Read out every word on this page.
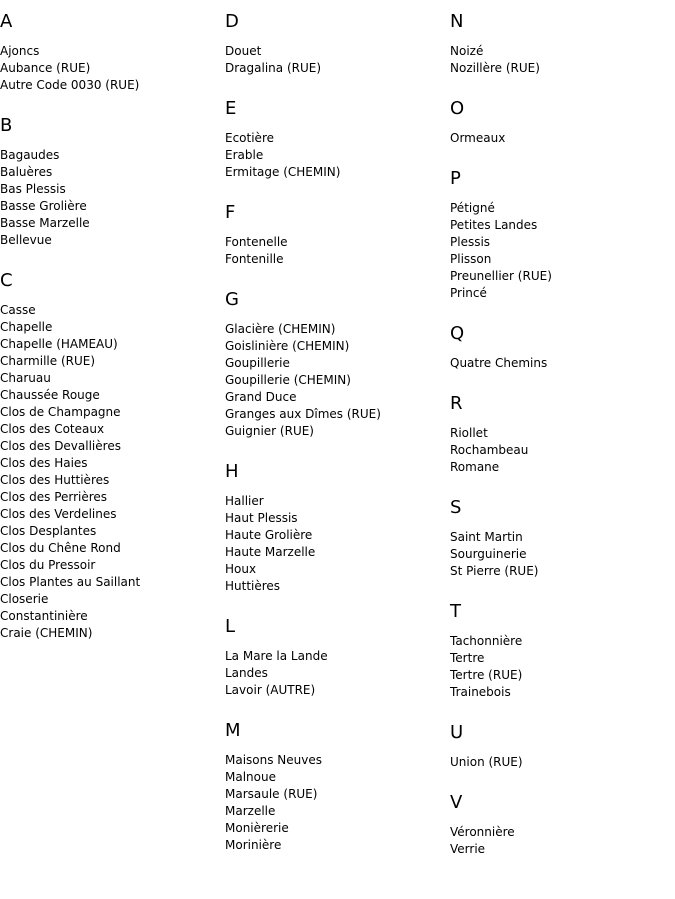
A
Ajoncs
Aubance (RUE)
Autre Code 0030 (RUE)
B
Bagaudes
Baluères
Bas Plessis
Basse Grolière
Basse Marzelle
Bellevue
C
Casse
Chapelle
Chapelle (HAMEAU)
Charmille (RUE)
Charuau
Chaussée Rouge
Clos de Champagne
Clos des Coteaux
Clos des Devallières
Clos des Haies
Clos des Huttières
Clos des Perrières
Clos des Verdelines
Clos Desplantes
Clos du Chêne Rond
Clos du Pressoir
Clos Plantes au Saillant
Closerie
Constantinière
Craie (CHEMIN)
D
Douet
Dragalina (RUE)
E
Ecotière
Erable
Ermitage (CHEMIN)
F
Fontenelle
Fontenille
G
Glacière (CHEMIN)
Goislinière (CHEMIN)
Goupillerie
Goupillerie (CHEMIN)
Grand Duce
Granges aux Dîmes (RUE)
Guignier (RUE)
H
Hallier
Haut Plessis
Haute Grolière
Haute Marzelle
Houx
Huttières
L
La Mare la Lande
Landes
Lavoir (AUTRE)
M
Maisons Neuves
Malnoue
Marsaule (RUE)
Marzelle
Monièrerie
Morinière
N
Noizé
Nozillère (RUE)
O
Ormeaux
P
Pétigné
Petites Landes
Plessis
Plisson
Preunellier (RUE)
Princé
Q
Quatre Chemins
R
Riollet
Rochambeau
Romane
S
Saint Martin
Sourguinerie
St Pierre (RUE)
T
Tachonnière
Tertre
Tertre (RUE)
Trainebois
U
Union (RUE)
V
Véronnière
Verrie
